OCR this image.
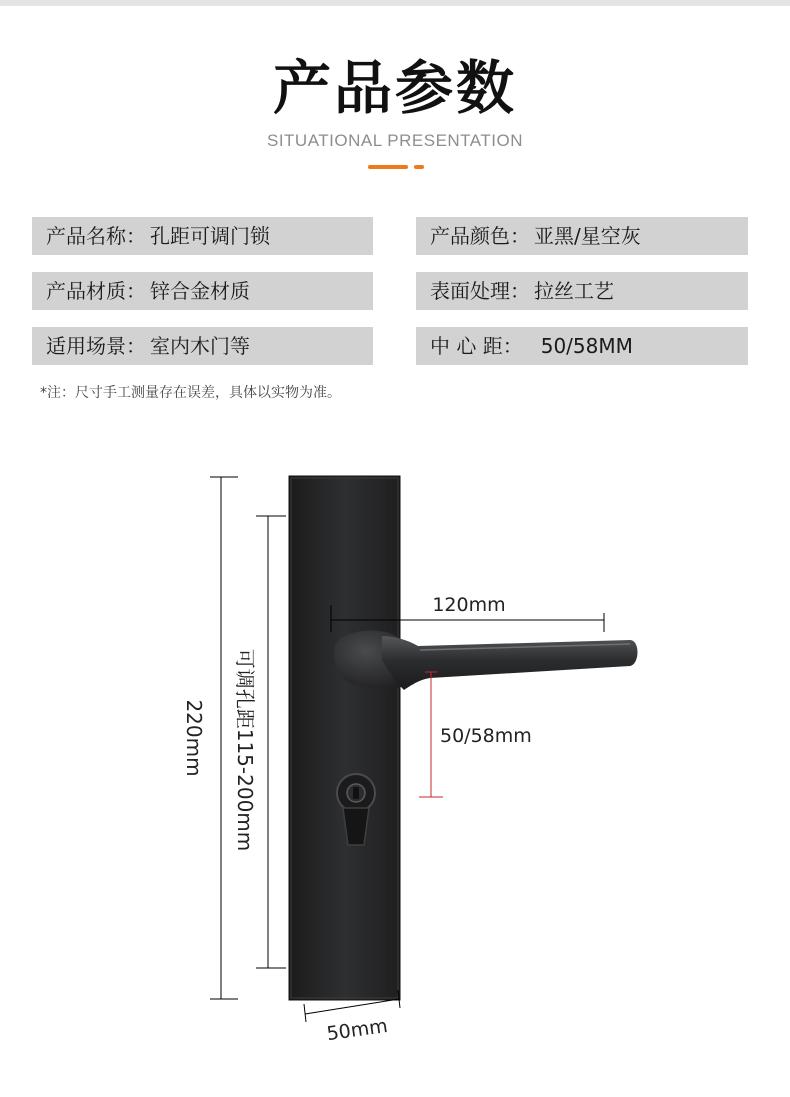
产品参数
SITUATIONAL PRESENTATION
产品名称： 孔距可调门锁	产品颜色： 亚黑/星空灰
产品材质： 锌合金材质	表面处理： 拉丝工艺
适用场景： 室内木门等	中 心 距： 50/58MM
*注：尺寸手工测量存在误差，具体以实物为准。
220mm 可调孔距115-200mm
120mm
50/58mm
50mm
